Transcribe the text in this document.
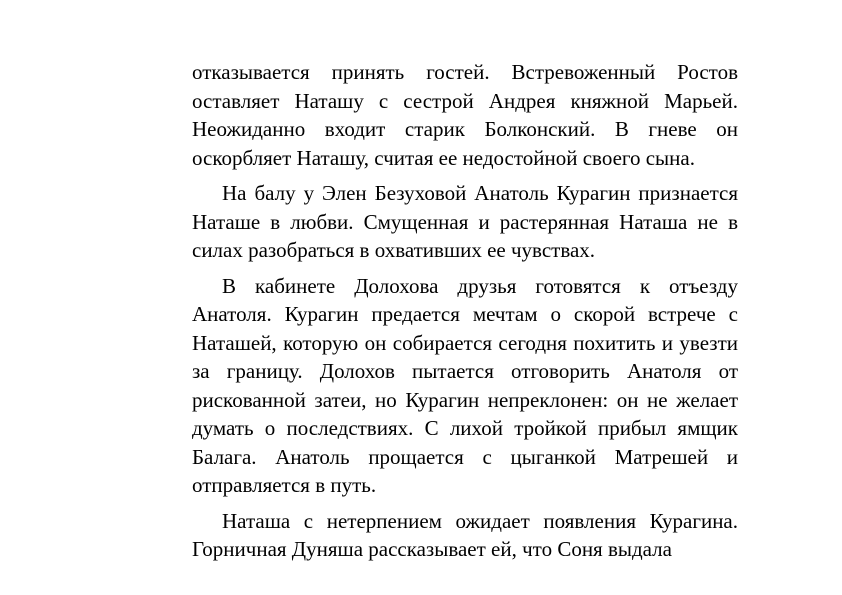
отказывается принять гостей. Встревоженный Ростов оставляет Наташу с сестрой Андрея княжной Марьей. Неожиданно входит старик Болконский. В гневе он оскорбляет Наташу, считая ее недостойной своего сына.

На балу у Элен Безуховой Анатоль Курагин признается Наташе в любви. Смущенная и растерянная Наташа не в силах разобраться в охвативших ее чувствах.

В кабинете Долохова друзья готовятся к отъезду Анатоля. Курагин предается мечтам о скорой встрече с Наташей, которую он собирается сегодня похитить и увезти за границу. Долохов пытается отговорить Анатоля от рискованной затеи, но Курагин непреклонен: он не желает думать о последствиях. С лихой тройкой прибыл ямщик Балага. Анатоль прощается с цыганкой Матрешей и отправляется в путь.

Наташа с нетерпением ожидает появления Курагина. Горничная Дуняша рассказывает ей, что Соня выдала
